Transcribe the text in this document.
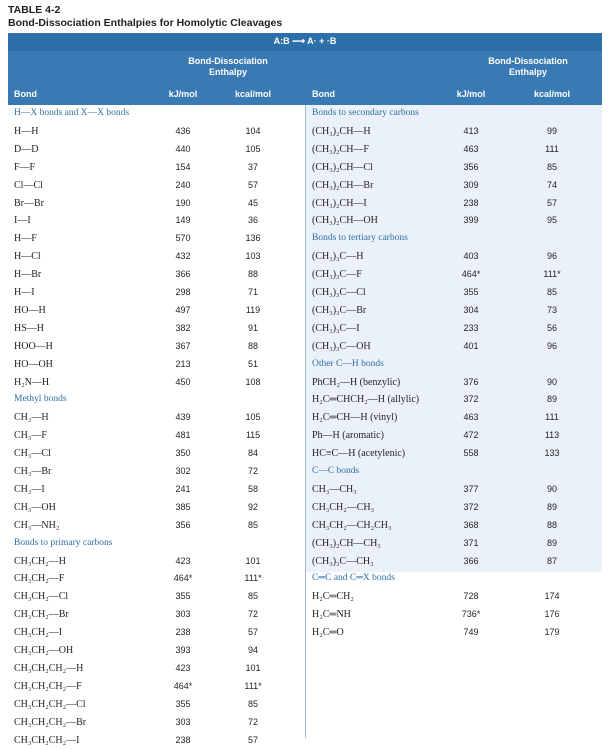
TABLE 4-2
Bond-Dissociation Enthalpies for Homolytic Cleavages
A:B ⟶ A· + ·B
Bond-Dissociation Enthalpy
Bond-Dissociation Enthalpy
Bond	kJ/mol	kcal/mol	Bond	kJ/mol	kcal/mol
H—X bonds and X—X bonds
H—H	436	104
D—D	440	105
F—F	154	37
Cl—Cl	240	57
Br—Br	190	45
I—I	149	36
H—F	570	136
H—Cl	432	103
H—Br	366	88
H—I	298	71
HO—H	497	119
HS—H	382	91
HOO—H	367	88
HO—OH	213	51
H₂N—H	450	108
Methyl bonds
CH₃—H	439	105
CH₃—F	481	115
CH₃—Cl	350	84
CH₃—Br	302	72
CH₃—I	241	58
CH₃—OH	385	92
CH₃—NH₂	356	85
Bonds to primary carbons
CH₃CH₂—H	423	101
CH₃CH₂—F	464*	111*
CH₃CH₂—Cl	355	85
CH₃CH₂—Br	303	72
CH₃CH₂—I	238	57
CH₃CH₂—OH	393	94
CH₃CH₂CH₂—H	423	101
CH₃CH₂CH₂—F	464*	111*
CH₃CH₂CH₂—Cl	355	85
CH₃CH₂CH₂—Br	303	72
CH₃CH₂CH₂—I	238	57
Bonds to secondary carbons
(CH₃)₂CH—H	413	99
(CH₃)₂CH—F	463	111
(CH₃)₂CH—Cl	356	85
(CH₃)₂CH—Br	309	74
(CH₃)₂CH—I	238	57
(CH₃)₂CH—OH	399	95
Bonds to tertiary carbons
(CH₃)₃C—H	403	96
(CH₃)₃C—F	464*	111*
(CH₃)₃C—Cl	355	85
(CH₃)₃C—Br	304	73
(CH₃)₃C—I	233	56
(CH₃)₃C—OH	401	96
Other C—H bonds
PhCH₂—H (benzylic)	376	90
H₂C═CHCH₂—H (allylic)	372	89
H₂C═CH—H (vinyl)	463	111
Ph—H (aromatic)	472	113
HC≡C—H (acetylenic)	558	133
C—C bonds
CH₃—CH₃	377	90
CH₃CH₂—CH₃	372	89
CH₃CH₂—CH₂CH₃	368	88
(CH₃)₂CH—CH₃	371	89
(CH₃)₃C—CH₃	366	87
C═C and C═X bonds
H₂C═CH₂	728	174
H₂C═NH	736*	176
H₂C═O	749	179
